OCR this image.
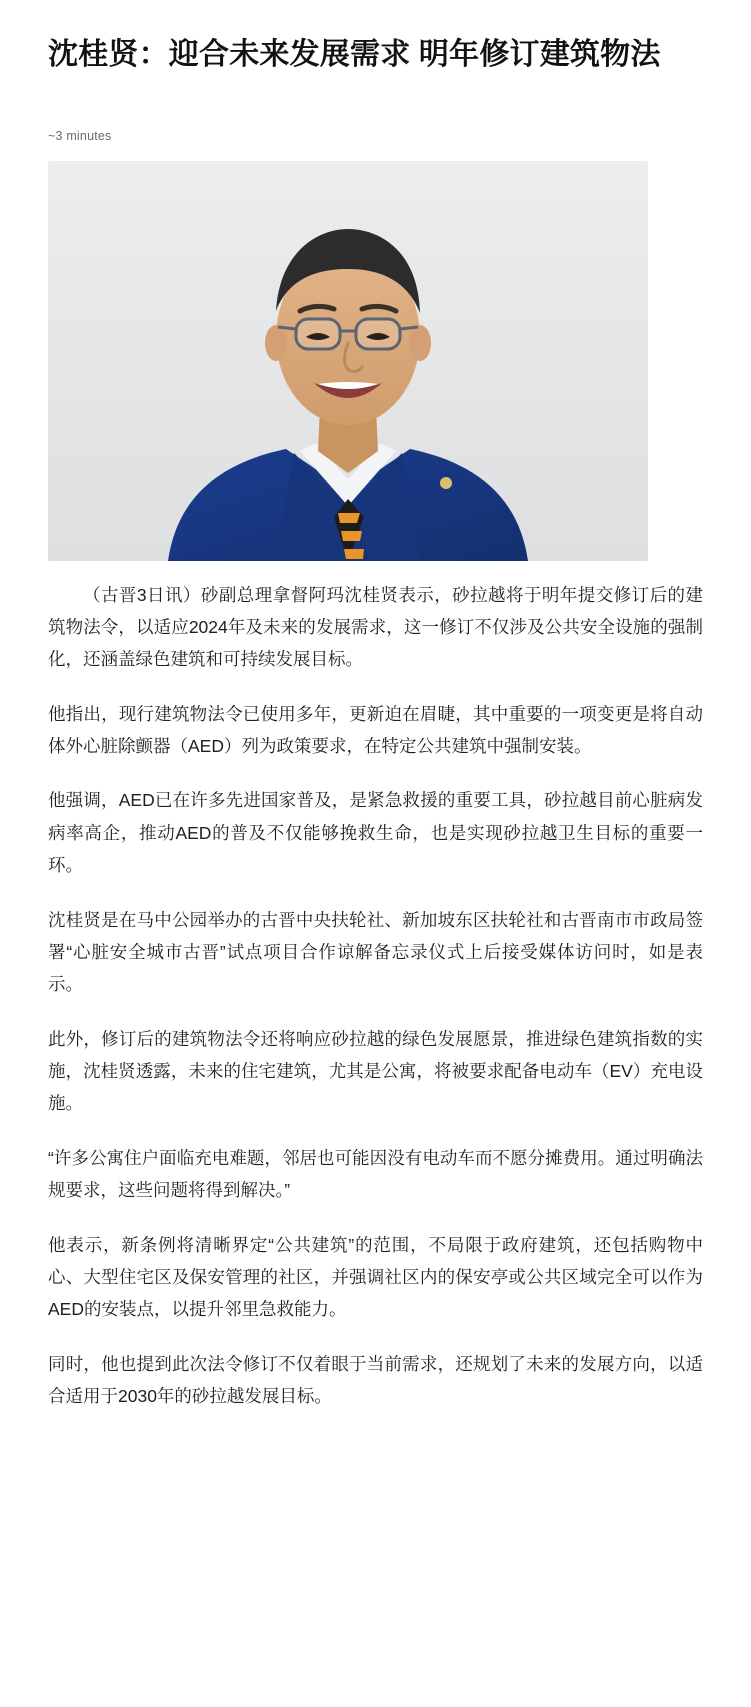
沈桂贤：迎合未来发展需求 明年修订建筑物法
~3 minutes

（古晋3日讯）砂副总理拿督阿玛沈桂贤表示，砂拉越将于明年提交修订后的建筑物法令，以适应2024年及未来的发展需求，这一修订不仅涉及公共安全设施的强制化，还涵盖绿色建筑和可持续发展目标。

他指出，现行建筑物法令已使用多年，更新迫在眉睫，其中重要的一项变更是将自动体外心脏除颤器（AED）列为政策要求，在特定公共建筑中强制安装。

他强调，AED已在许多先进国家普及，是紧急救援的重要工具，砂拉越目前心脏病发病率高企，推动AED的普及不仅能够挽救生命，也是实现砂拉越卫生目标的重要一环。

沈桂贤是在马中公园举办的古晋中央扶轮社、新加坡东区扶轮社和古晋南市市政局签署“心脏安全城市古晋”试点项目合作谅解备忘录仪式上后接受媒体访问时，如是表示。

此外，修订后的建筑物法令还将响应砂拉越的绿色发展愿景，推进绿色建筑指数的实施，沈桂贤透露，未来的住宅建筑，尤其是公寓，将被要求配备电动车（EV）充电设施。

“许多公寓住户面临充电难题，邻居也可能因没有电动车而不愿分摊费用。通过明确法规要求，这些问题将得到解决。”

他表示，新条例将清晰界定“公共建筑”的范围，不局限于政府建筑，还包括购物中心、大型住宅区及保安管理的社区，并强调社区内的保安亭或公共区域完全可以作为AED的安装点，以提升邻里急救能力。

同时，他也提到此次法令修订不仅着眼于当前需求，还规划了未来的发展方向，以适合适用于2030年的砂拉越发展目标。
